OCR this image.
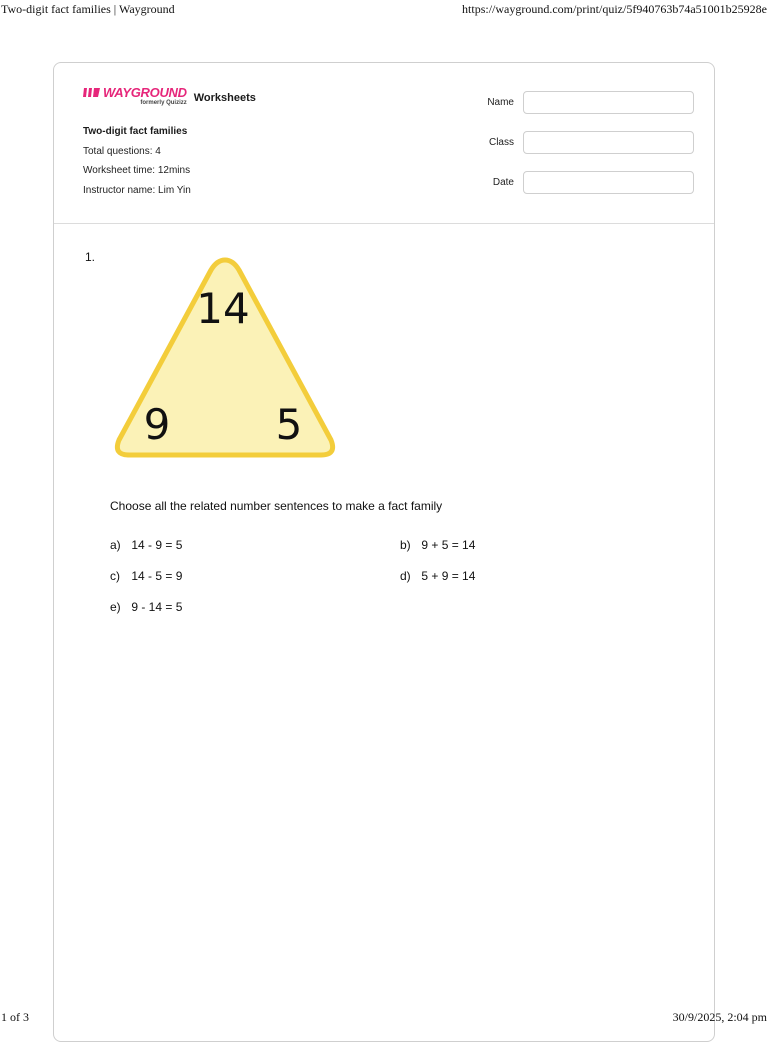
Two-digit fact families | Wayground	https://wayground.com/print/quiz/5f940763b74a51001b25928e
WAYGROUND
formerly Quizizz Worksheets
Two-digit fact families
Total questions: 4
Worksheet time: 12mins
Instructor name: Lim Yin
Name
Class
Date
1.
14
9	5
Choose all the related number sentences to make a fact family
a) 14 - 9 = 5	b) 9 + 5 = 14
c) 14 - 5 = 9	d) 5 + 9 = 14
e) 9 - 14 = 5
1 of 3	30/9/2025, 2:04 pm
